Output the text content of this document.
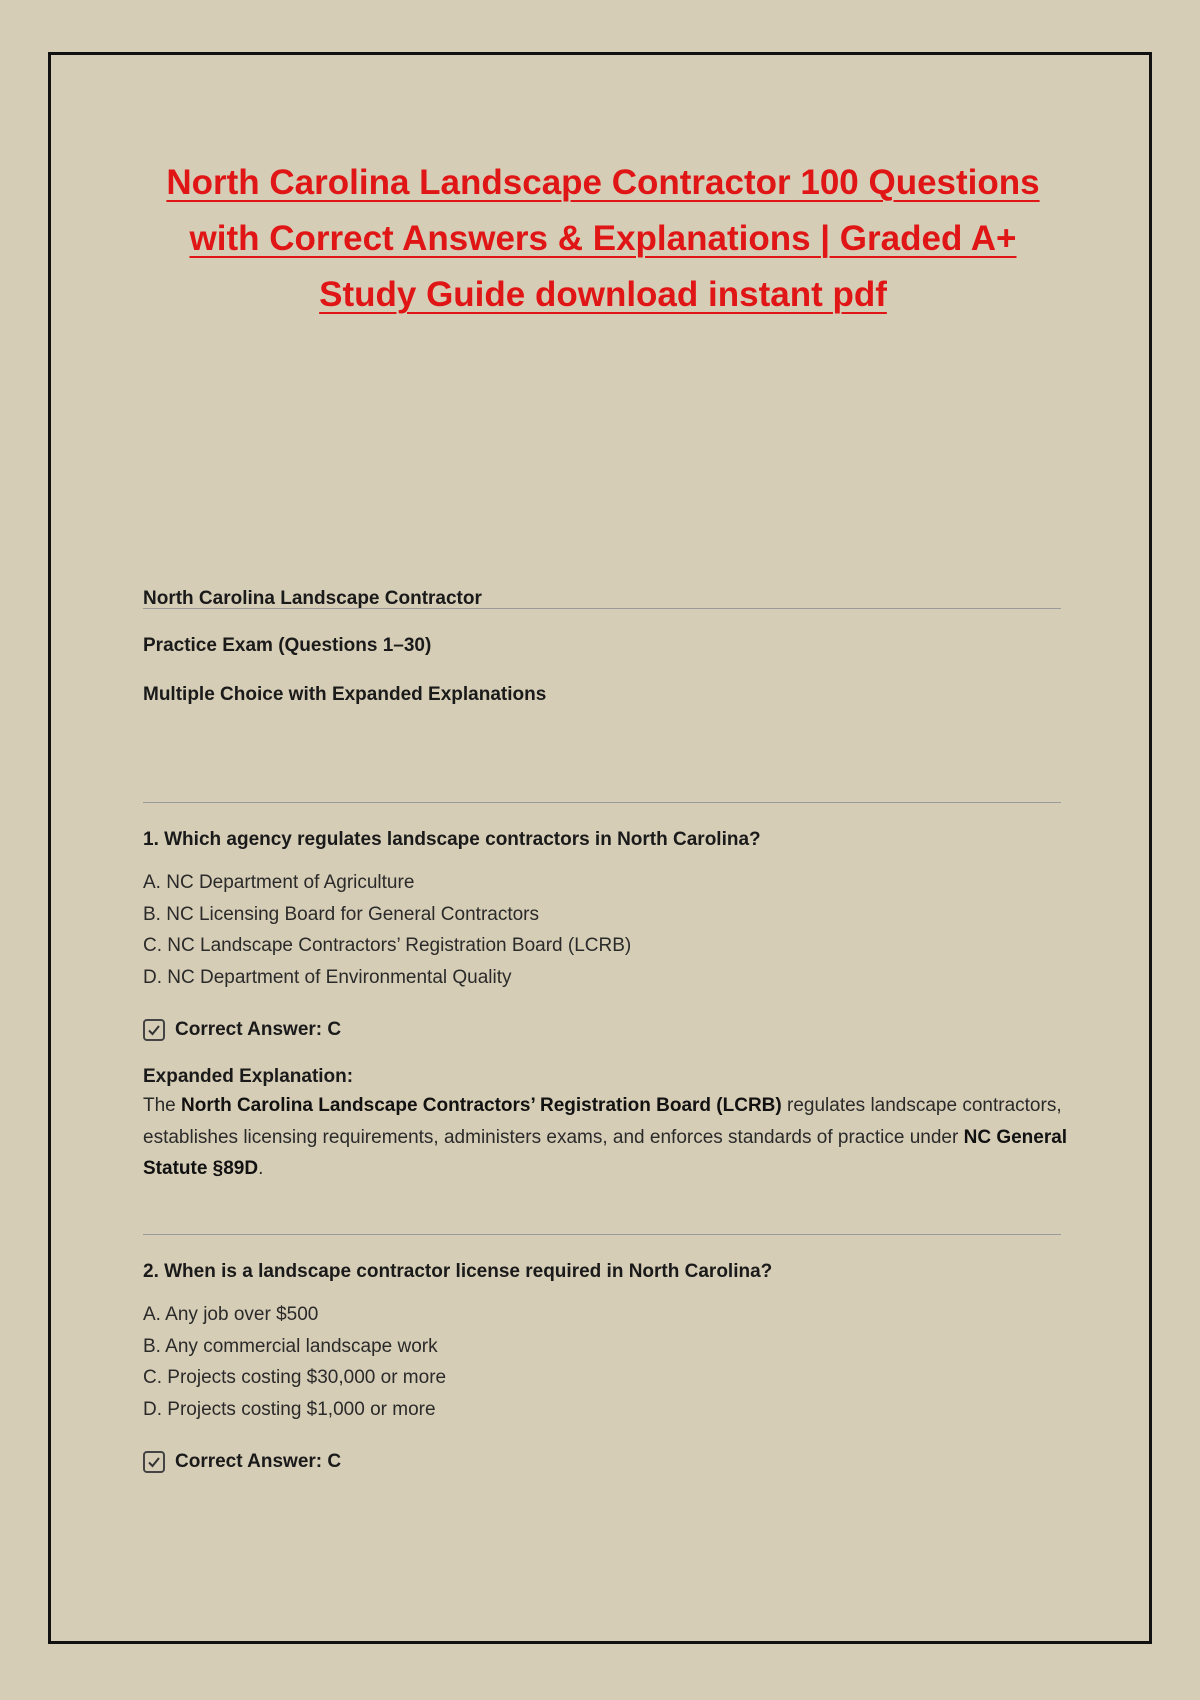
North Carolina Landscape Contractor 100 Questions with Correct Answers & Explanations | Graded A+ Study Guide download instant pdf
North Carolina Landscape Contractor
Practice Exam (Questions 1–30)
Multiple Choice with Expanded Explanations
1. Which agency regulates landscape contractors in North Carolina?
A. NC Department of Agriculture
B. NC Licensing Board for General Contractors
C. NC Landscape Contractors’ Registration Board (LCRB)
D. NC Department of Environmental Quality
Correct Answer: C
Expanded Explanation:
The North Carolina Landscape Contractors’ Registration Board (LCRB) regulates landscape contractors, establishes licensing requirements, administers exams, and enforces standards of practice under NC General Statute §89D.
2. When is a landscape contractor license required in North Carolina?
A. Any job over $500
B. Any commercial landscape work
C. Projects costing $30,000 or more
D. Projects costing $1,000 or more
Correct Answer: C
